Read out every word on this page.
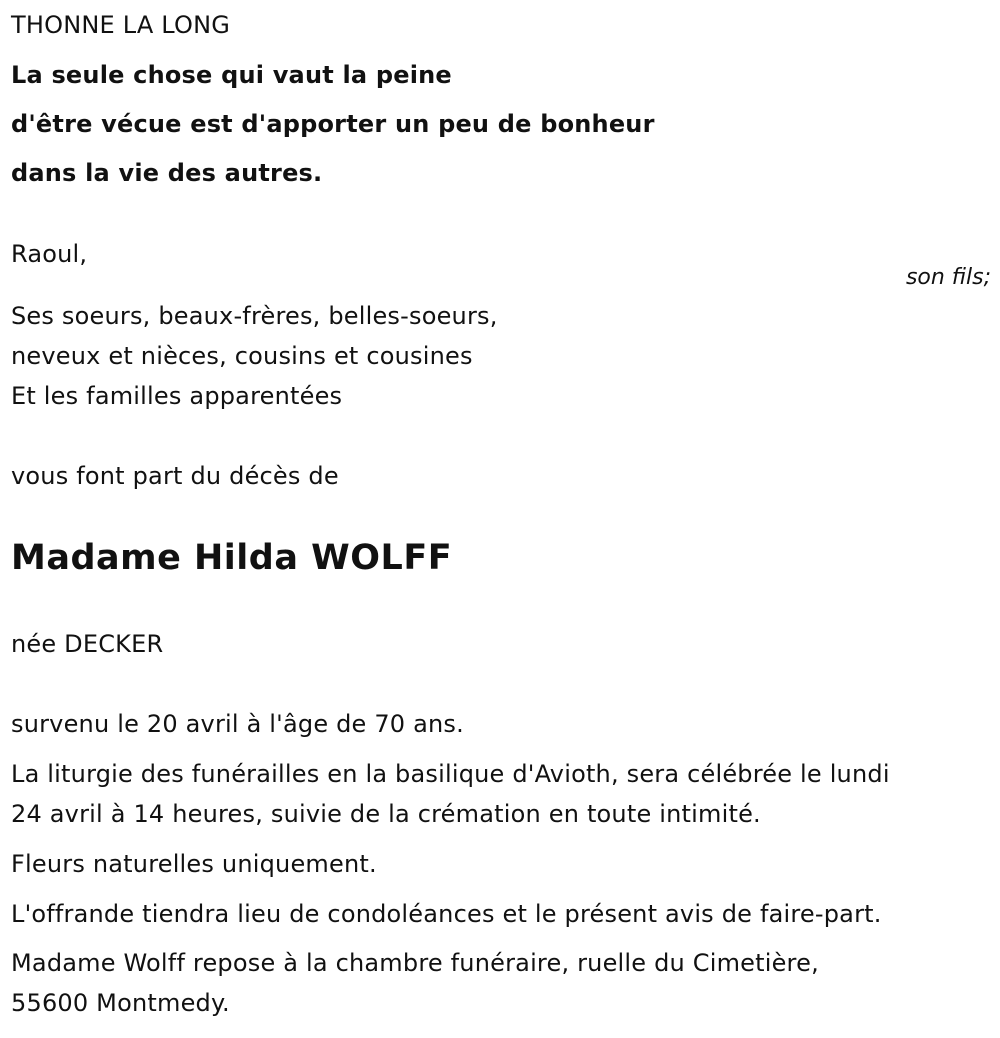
THONNE LA LONG
La seule chose qui vaut la peine
d'être vécue est d'apporter un peu de bonheur
dans la vie des autres.
Raoul,
son fils;
Ses soeurs, beaux-frères, belles-soeurs,
neveux et nièces, cousins et cousines
Et les familles apparentées
vous font part du décès de
Madame Hilda WOLFF
née DECKER
survenu le 20 avril à l'âge de 70 ans.
La liturgie des funérailles en la basilique d'Avioth, sera célébrée le lundi
24 avril à 14 heures, suivie de la crémation en toute intimité.
Fleurs naturelles uniquement.
L'offrande tiendra lieu de condoléances et le présent avis de faire-part.
Madame Wolff repose à la chambre funéraire, ruelle du Cimetière,
55600 Montmedy.
